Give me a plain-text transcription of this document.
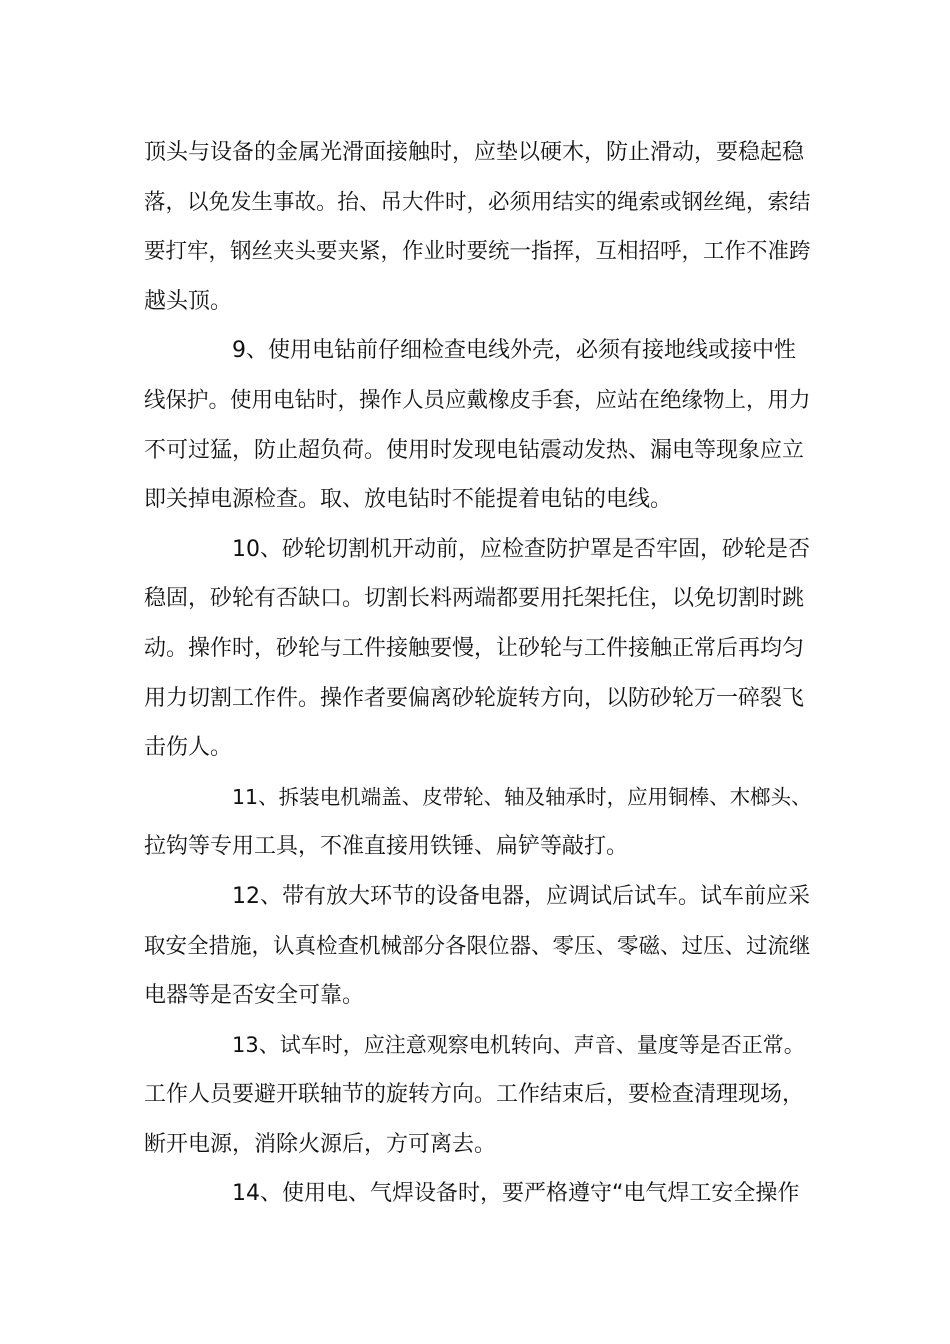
顶头与设备的金属光滑面接触时，应垫以硬木，防止滑动，要稳起稳
落，以免发生事故。抬、吊大件时，必须用结实的绳索或钢丝绳，索结
要打牢，钢丝夹头要夹紧，作业时要统一指挥，互相招呼，工作不准跨
越头顶。

9、使用电钻前仔细检查电线外壳，必须有接地线或接中性
线保护。使用电钻时，操作人员应戴橡皮手套，应站在绝缘物上，用力
不可过猛，防止超负荷。使用时发现电钻震动发热、漏电等现象应立
即关掉电源检查。取、放电钻时不能提着电钻的电线。

10、砂轮切割机开动前，应检查防护罩是否牢固，砂轮是否
稳固，砂轮有否缺口。切割长料两端都要用托架托住，以免切割时跳
动。操作时，砂轮与工件接触要慢，让砂轮与工件接触正常后再均匀
用力切割工作件。操作者要偏离砂轮旋转方向，以防砂轮万一碎裂飞
击伤人。

11、拆装电机端盖、皮带轮、轴及轴承时，应用铜棒、木榔头、
拉钩等专用工具，不准直接用铁锤、扁铲等敲打。

12、带有放大环节的设备电器，应调试后试车。试车前应采
取安全措施，认真检查机械部分各限位器、零压、零磁、过压、过流继
电器等是否安全可靠。

13、试车时，应注意观察电机转向、声音、量度等是否正常。
工作人员要避开联轴节的旋转方向。工作结束后，要检查清理现场，
断开电源，消除火源后，方可离去。

14、使用电、气焊设备时，要严格遵守“电气焊工安全操作
